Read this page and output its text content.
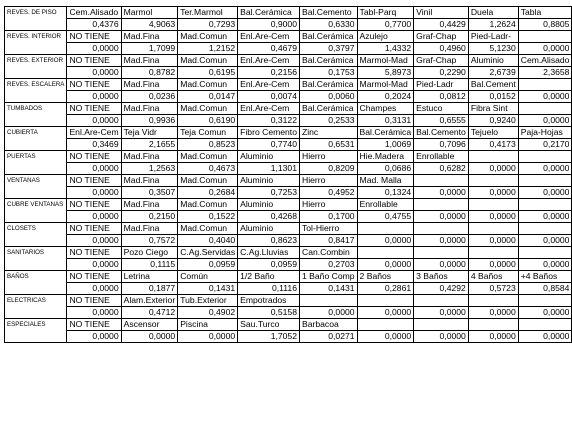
REVES. DE PISO	Cem.Alisado	Marmol	Ter.Marmol	Bal.Cerámica	Bal.Cemento	Tabl-Parq	Vinil	Duela	Tabla
	0,4376	4,9063	0,7293	0,9000	0,6330	0,7700	0,4429	1,2624	0,8805
REVES. INTERIOR	NO TIENE	Mad.Fina	Mad.Comun	Enl.Are-Cem	Bal.Cerámica	Azulejo	Graf-Chap	Pied-Ladr-	
	0,0000	1,7099	1,2152	0,4679	0,3797	1,4332	0,4960	5,1230	0,0000
REVES. EXTERIOR	NO TIENE	Mad.Fina	Mad.Comun	Enl.Are-Cem	Bal.Cerámica	Marmol-Mad	Graf-Chap	Aluminio	Cem.Alisado
	0,0000	0,8782	0,6195	0,2156	0,1753	5,8973	0,2290	2,6739	2,3658
REVES. ESCALERA	NO TIENE	Mad.Fina	Mad.Comun	Enl.Are-Cem	Bal.Cerámica	Marmol-Mad	Pied-Ladr	Bal.Cement	
	0,0000	0,0236	0,0147	0,0074	0,0060	0,2024	0,0812	0,0152	0,0000
TUMBADOS	NO TIENE	Mad.Fina	Mad.Comun	Enl.Are-Cem	Bal.Cerámica	Champes	Estuco	Fibra Sint	
	0,0000	0,9936	0,6190	0,3122	0,2533	0,3131	0,6555	0,9240	0,0000
CUBIERTA	Enl.Are-Cem	Teja Vidr	Teja Comun	Fibro Cemento	Zinc	Bal.Cerámica	Bal.Cemento	Tejuelo	Paja-Hojas
	0,3469	2,1655	0,8523	0,7740	0,6531	1,0069	0,7096	0,4173	0,2170
PUERTAS	NO TIENE	Mad.Fina	Mad.Comun	Aluminio	Hierro	Hie.Madera	Enrollable		
	0,0000	1,2563	0,4673	1,1301	0,8209	0,0686	0,6282	0,0000	0,0000
VENTANAS	NO TIENE	Mad.Fina	Mad.Comun	Aluminio	Hierro	Mad. Malla			
	0,0000	0,3507	0,2684	0,7253	0,4952	0,1324	0,0000	0,0000	0,0000
CUBRE VENTANAS	NO TIENE	Mad.Fina	Mad.Comun	Aluminio	Hierro	Enrollable			
	0,0000	0,2150	0,1522	0,4268	0,1700	0,4755	0,0000	0,0000	0,0000
CLOSETS	NO TIENE	Mad.Fina	Mad.Comun	Aluminio	Tol-Hierro				
	0,0000	0,7572	0,4040	0,8623	0,8417	0,0000	0,0000	0,0000	0,0000
SANITARIOS	NO TIENE	Pozo Ciego	C.Ag.Servidas	C.Ag.Lluvias	Can.Combin				
	0,0000	0,1115	0,0959	0,0959	0,2703	0,0000	0,0000	0,0000	0,0000
BAÑOS	NO TIENE	Letrina	Común	1/2 Baño	1 Baño Comp	2 Baños	3 Baños	4 Baños	+4 Baños
	0,0000	0,1877	0,1431	0,1116	0,1431	0,2861	0,4292	0,5723	0,8584
ELECTRICAS	NO TIENE	Alam.Exterior	Tub.Exterior	Empotrados					
	0,0000	0,4712	0,4902	0,5158	0,0000	0,0000	0,0000	0,0000	0,0000
ESPECIALES	NO TIENE	Ascensor	Piscina	Sau.Turco	Barbacoa				
	0,0000	0,0000	0,0000	1,7052	0,0271	0,0000	0,0000	0,0000	0,0000
